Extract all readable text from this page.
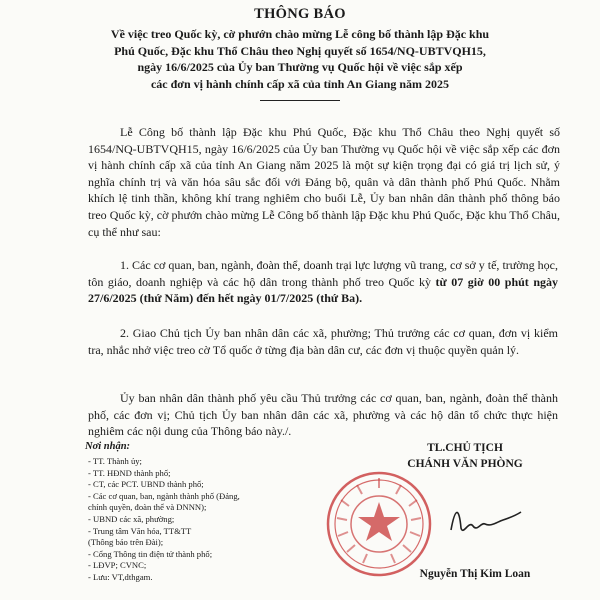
THÔNG BÁO
Về việc treo Quốc kỳ, cờ phướn chào mừng Lễ công bố thành lập Đặc khu
Phú Quốc, Đặc khu Thổ Châu theo Nghị quyết số 1654/NQ-UBTVQH15,
ngày 16/6/2025 của Ủy ban Thường vụ Quốc hội về việc sắp xếp
các đơn vị hành chính cấp xã của tỉnh An Giang năm 2025
Lễ Công bố thành lập Đặc khu Phú Quốc, Đặc khu Thổ Châu theo Nghị quyết số 1654/NQ-UBTVQH15, ngày 16/6/2025 của Ủy ban Thường vụ Quốc hội về việc sắp xếp các đơn vị hành chính cấp xã của tỉnh An Giang năm 2025 là một sự kiện trọng đại có giá trị lịch sử, ý nghĩa chính trị và văn hóa sâu sắc đối với Đảng bộ, quân và dân thành phố Phú Quốc. Nhằm khích lệ tinh thần, không khí trang nghiêm cho buổi Lễ, Ủy ban nhân dân thành phố thông báo treo Quốc kỳ, cờ phướn chào mừng Lễ Công bố thành lập Đặc khu Phú Quốc, Đặc khu Thổ Châu, cụ thể như sau:
1. Các cơ quan, ban, ngành, đoàn thể, doanh trại lực lượng vũ trang, cơ sở y tế, trường học, tôn giáo, doanh nghiệp và các hộ dân trong thành phố treo Quốc kỳ từ 07 giờ 00 phút ngày 27/6/2025 (thứ Năm) đến hết ngày 01/7/2025 (thứ Ba).
2. Giao Chủ tịch Ủy ban nhân dân các xã, phường; Thủ trưởng các cơ quan, đơn vị kiểm tra, nhắc nhở việc treo cờ Tổ quốc ở từng địa bàn dân cư, các đơn vị thuộc quyền quản lý.
Ủy ban nhân dân thành phố yêu cầu Thủ trưởng các cơ quan, ban, ngành, đoàn thể thành phố, các đơn vị; Chủ tịch Ủy ban nhân dân các xã, phường và các hộ dân tổ chức thực hiện nghiêm các nội dung của Thông báo này./.
Nơi nhận:
- TT. Thành ủy;
- TT. HĐND thành phố;
- CT, các PCT. UBND thành phố;
- Các cơ quan, ban, ngành thành phố (Đảng,
chính quyền, đoàn thể và DNNN);
- UBND các xã, phường;
- Trung tâm Văn hóa, TT&TT
(Thông báo trên Đài);
- Cổng Thông tin điện tử thành phố;
- LĐVP; CVNC;
- Lưu: VT,dthgam.
TL.CHỦ TỊCH
CHÁNH VĂN PHÒNG
Nguyễn Thị Kim Loan
